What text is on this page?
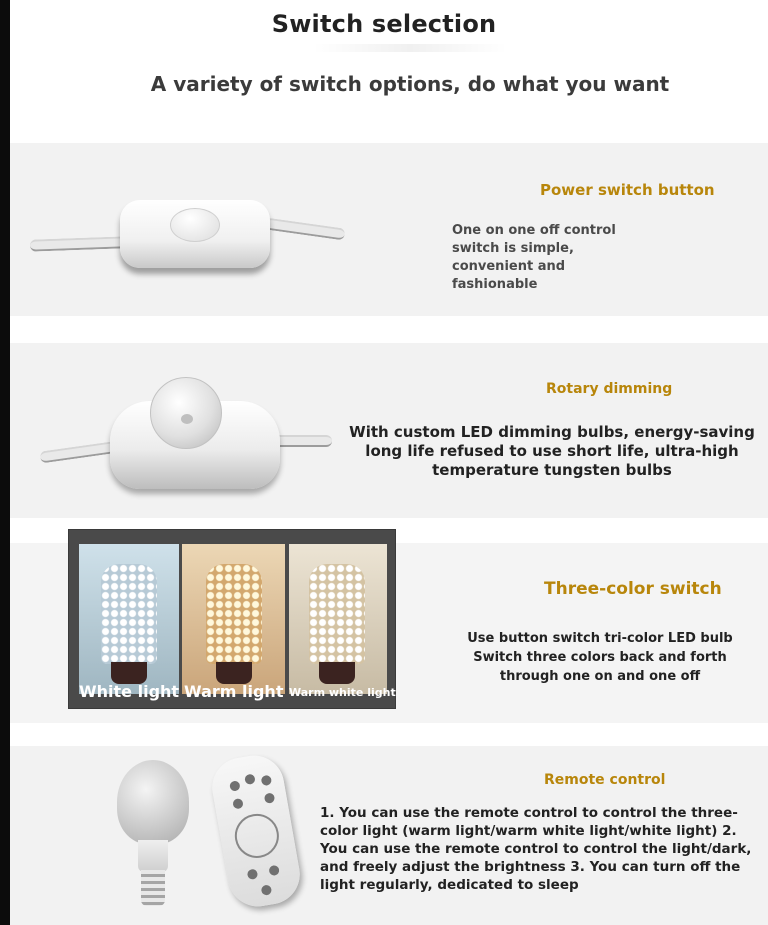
Switch selection
A variety of switch options, do what you want
Power switch button
One on one off control
switch is simple,
convenient and
fashionable
Rotary dimming
With custom LED dimming bulbs, energy-saving long life refused to use short life, ultra-high temperature tungsten bulbs
White light Warm light Warm white light
Three-color switch
Use button switch tri-color LED bulb
Switch three colors back and forth
through one on and one off
Remote control
1. You can use the remote control to control the three-color light (warm light/warm white light/white light) 2. You can use the remote control to control the light/dark, and freely adjust the brightness 3. You can turn off the light regularly, dedicated to sleep
